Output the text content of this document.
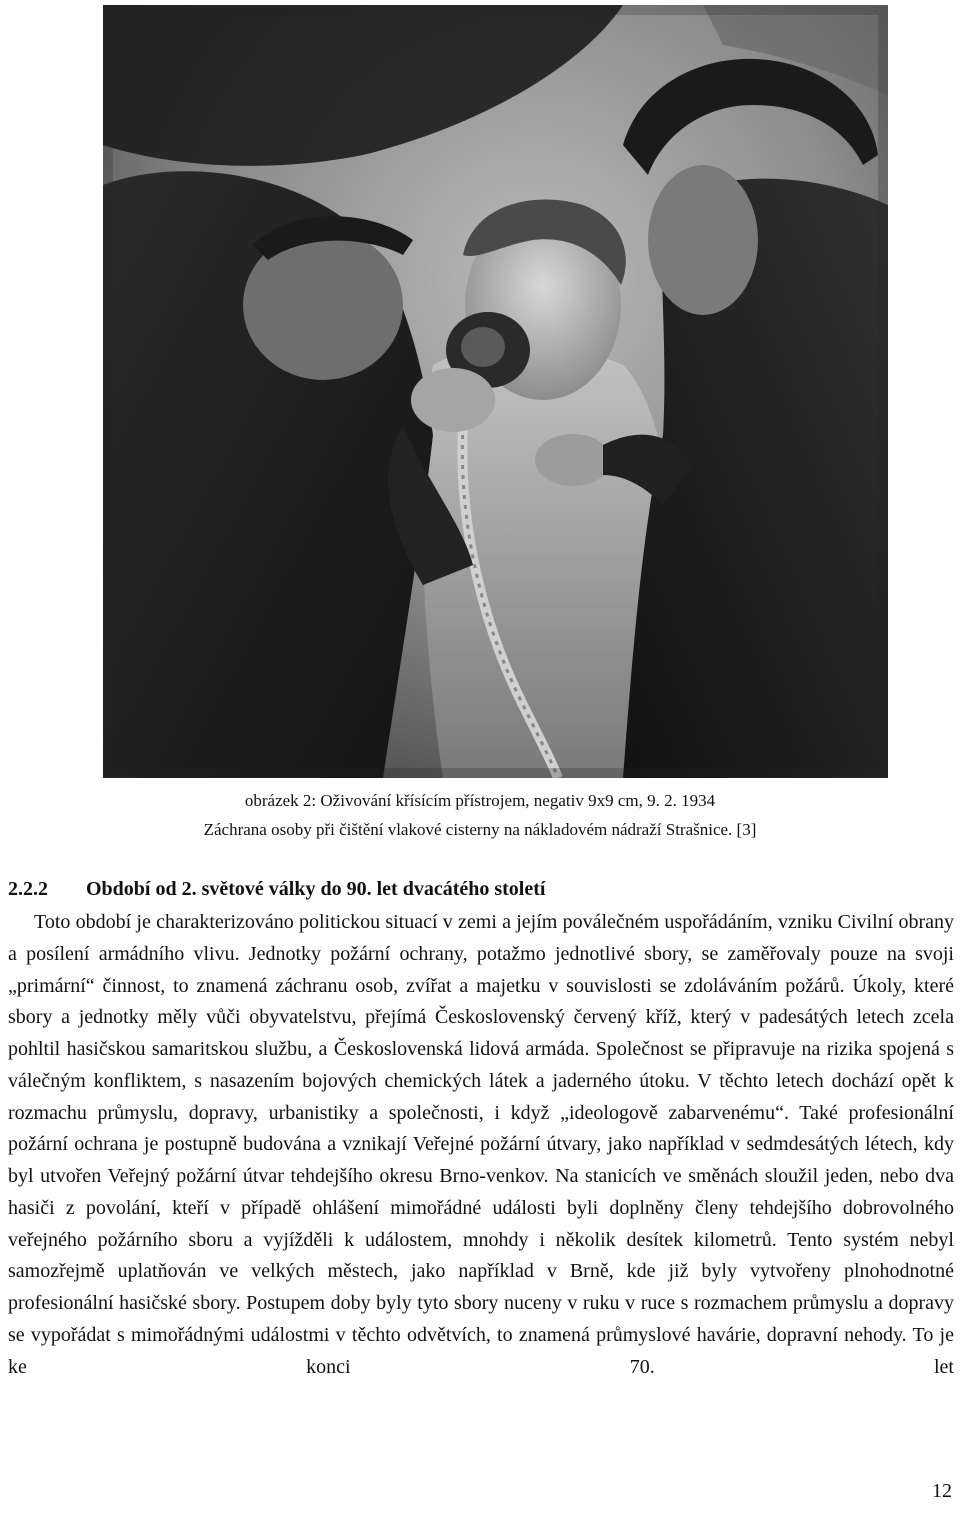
obrázek 2: Oživování křísícím přístrojem, negativ 9x9 cm, 9. 2. 1934
Záchrana osoby při čištění vlakové cisterny na nákladovém nádraží Strašnice. [3]
2.2.2 Období od 2. světové války do 90. let dvacátého století

Toto období je charakterizováno politickou situací v zemi a jejím poválečném uspořádáním, vzniku Civilní obrany a posílení armádního vlivu. Jednotky požární ochrany, potažmo jednotlivé sbory, se zaměřovaly pouze na svoji „primární“ činnost, to znamená záchranu osob, zvířat a majetku v souvislosti se zdoláváním požárů. Úkoly, které sbory a jednotky měly vůči obyvatelstvu, přejímá Československý červený kříž, který v padesátých letech zcela pohltil hasičskou samaritskou službu, a Československá lidová armáda. Společnost se připravuje na rizika spojená s válečným konfliktem, s nasazením bojových chemických látek a jaderného útoku. V těchto letech dochází opět k rozmachu průmyslu, dopravy, urbanistiky a společnosti, i když „ideologově zabarvenému“. Také profesionální požární ochrana je postupně budována a vznikají Veřejné požární útvary, jako například v sedmdesátých létech, kdy byl utvořen Veřejný požární útvar tehdejšího okresu Brno-venkov. Na stanicích ve směnách sloužil jeden, nebo dva hasiči z povolání, kteří v případě ohlášení mimořádné události byli doplněny členy tehdejšího dobrovolného veřejného požárního sboru a vyjížděli k událostem, mnohdy i několik desítek kilometrů. Tento systém nebyl samozřejmě uplatňován ve velkých městech, jako například v Brně, kde již byly vytvořeny plnohodnotné profesionální hasičské sbory. Postupem doby byly tyto sbory nuceny v ruku v ruce s rozmachem průmyslu a dopravy se vypořádat s mimořádnými událostmi v těchto odvětvích, to znamená průmyslové havárie, dopravní nehody. To je ke konci 70. let

12
